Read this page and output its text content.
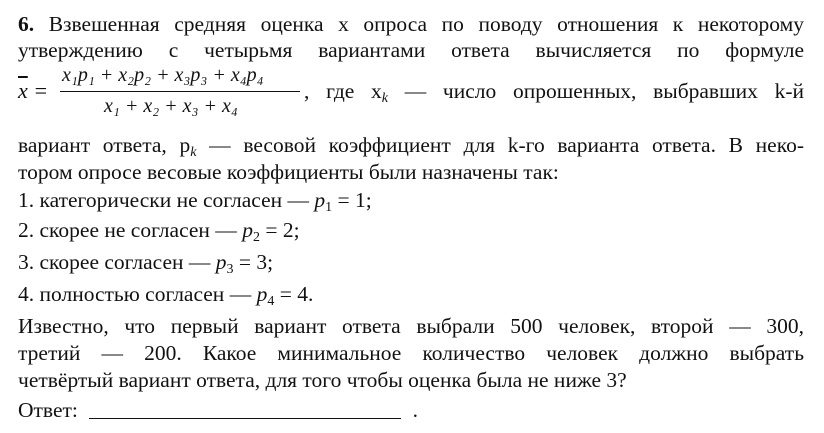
6. Взвешенная средняя оценка x опроса по поводу отношения к некоторому
утверждению с четырьмя вариантами ответа вычисляется по формуле
$\overline{x}$ =
x₁p₁ + x₂p₂ + x₃p₃ + x₄p₄
x₁ + x₂ + x₃ + x₄
, где $x_k$ — число опрошенных, выбравших k-й
вариант ответа, $p_k$ — весовой коэффициент для k-го варианта ответа. В неко-
тором опросе весовые коэффициенты были назначены так:
1. категорически не согласен — $p_1 = 1$;
2. скорее не согласен — $p_2 = 2$;
3. скорее согласен — $p_3 = 3$;
4. полностью согласен — $p_4 = 4$.
Известно, что первый вариант ответа выбрали 500 человек, второй — 300,
третий — 200. Какое минимальное количество человек должно выбрать
четвёртый вариант ответа, для того чтобы оценка была не ниже 3?
Ответ:	.
